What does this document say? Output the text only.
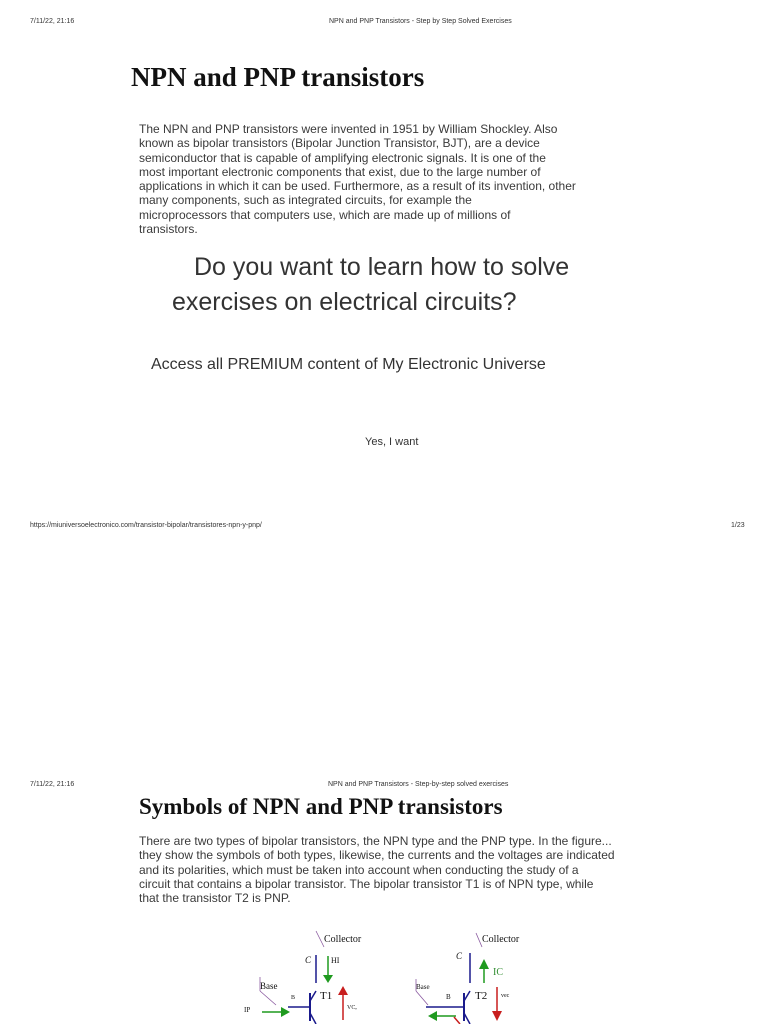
7/11/22, 21:16	NPN and PNP Transistors - Step by Step Solved Exercises
NPN and PNP transistors
The NPN and PNP transistors were invented in 1951 by William Shockley. Also
known as bipolar transistors (Bipolar Junction Transistor, BJT), are a device
semiconductor that is capable of amplifying electronic signals. It is one of the
most important electronic components that exist, due to the large number of
applications in which it can be used. Furthermore, as a result of its invention, other
many components, such as integrated circuits, for example the
microprocessors that computers use, which are made up of millions of
transistors.
Do you want to learn how to solve
exercises on electrical circuits?
Access all PREMIUM content of My Electronic Universe
Yes, I want
https://miuniversoelectronico.com/transistor-bipolar/transistores-npn-y-pnp/	1/23
7/11/22, 21:16	NPN and PNP Transistors - Step-by-step solved exercises
Symbols of NPN and PNP transistors
There are two types of bipolar transistors, the NPN type and the PNP type. In the figure...
they show the symbols of both types, likewise, the currents and the voltages are indicated
and its polarities, which must be taken into account when conducting the study of a
circuit that contains a bipolar transistor. The bipolar transistor T1 is of NPN type, while
that the transistor T2 is PNP.
Collector
C HI
Base
B T1
VCₑ
IP
Collector
C
IC
Base
B T2 vec
